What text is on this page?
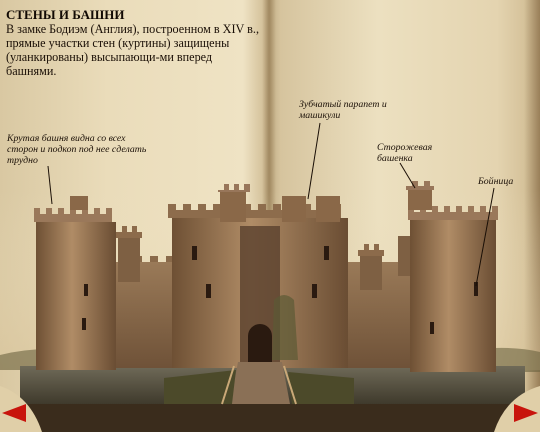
СТЕНЫ И БАШНИ
В замке Бодиэм (Англия), построенном в XIV в., прямые участки стен (куртины) защищены (уланкированы) высыпающи-ми вперед башнями.
Крутая башня видна со всех сторон и подкоп под нее сделать трудно
Зубчатый парапет и машикули
Сторожевая башенка
Бойница
